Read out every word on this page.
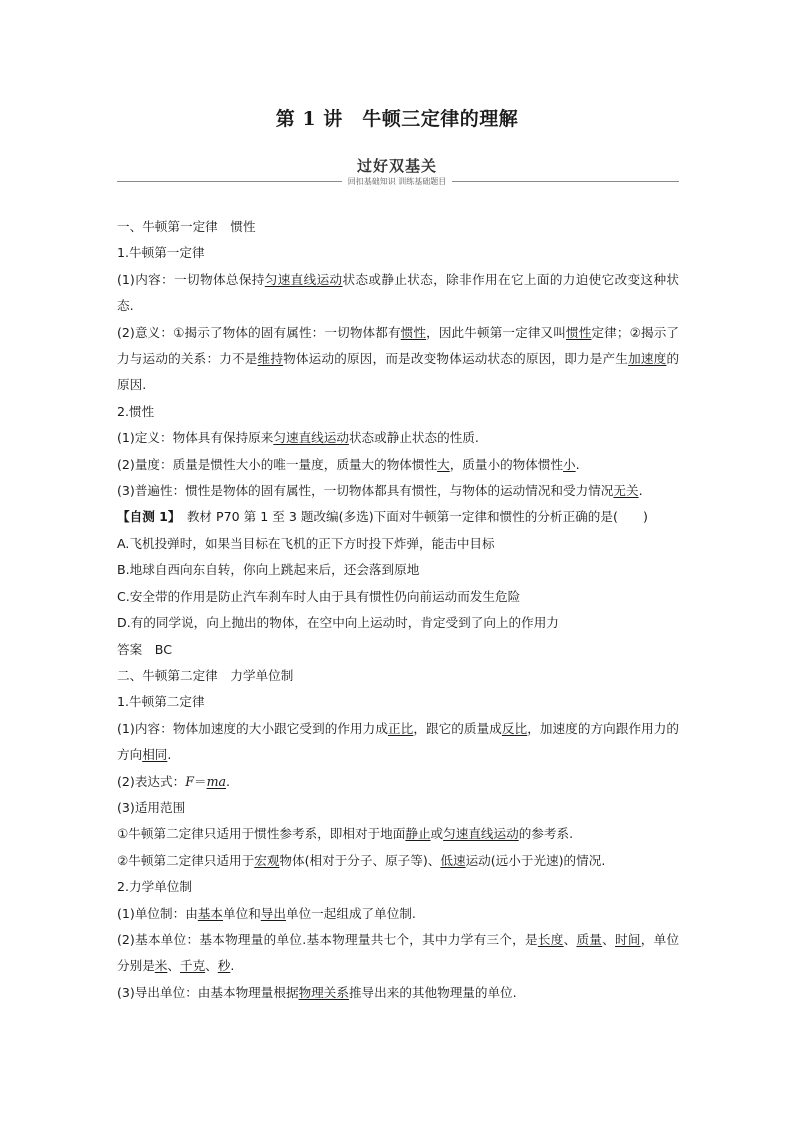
第 1 讲　牛顿三定律的理解
过好双基关
回扣基础知识 训练基础题目

一、牛顿第一定律　惯性

1.牛顿第一定律

(1)内容：一切物体总保持匀速直线运动状态或静止状态，除非作用在它上面的力迫使它改变这种状态.

(2)意义：①揭示了物体的固有属性：一切物体都有惯性，因此牛顿第一定律又叫惯性定律；②揭示了力与运动的关系：力不是维持物体运动的原因，而是改变物体运动状态的原因，即力是产生加速度的原因.

2.惯性

(1)定义：物体具有保持原来匀速直线运动状态或静止状态的性质.

(2)量度：质量是惯性大小的唯一量度，质量大的物体惯性大，质量小的物体惯性小.

(3)普遍性：惯性是物体的固有属性，一切物体都具有惯性，与物体的运动情况和受力情况无关.

【自测 1】　教材 P70 第 1 至 3 题改编(多选)下面对牛顿第一定律和惯性的分析正确的是(　　)

A.飞机投弹时，如果当目标在飞机的正下方时投下炸弹，能击中目标

B.地球自西向东自转，你向上跳起来后，还会落到原地

C.安全带的作用是防止汽车刹车时人由于具有惯性仍向前运动而发生危险

D.有的同学说，向上抛出的物体，在空中向上运动时，肯定受到了向上的作用力

答案　BC

二、牛顿第二定律　力学单位制

1.牛顿第二定律

(1)内容：物体加速度的大小跟它受到的作用力成正比，跟它的质量成反比，加速度的方向跟作用力的方向相同.

(2)表达式：F＝ma.

(3)适用范围

①牛顿第二定律只适用于惯性参考系，即相对于地面静止或匀速直线运动的参考系.

②牛顿第二定律只适用于宏观物体(相对于分子、原子等)、低速运动(远小于光速)的情况.

2.力学单位制

(1)单位制：由基本单位和导出单位一起组成了单位制.

(2)基本单位：基本物理量的单位.基本物理量共七个，其中力学有三个，是长度、质量、时间，单位分别是米、千克、秒.

(3)导出单位：由基本物理量根据物理关系推导出来的其他物理量的单位.
